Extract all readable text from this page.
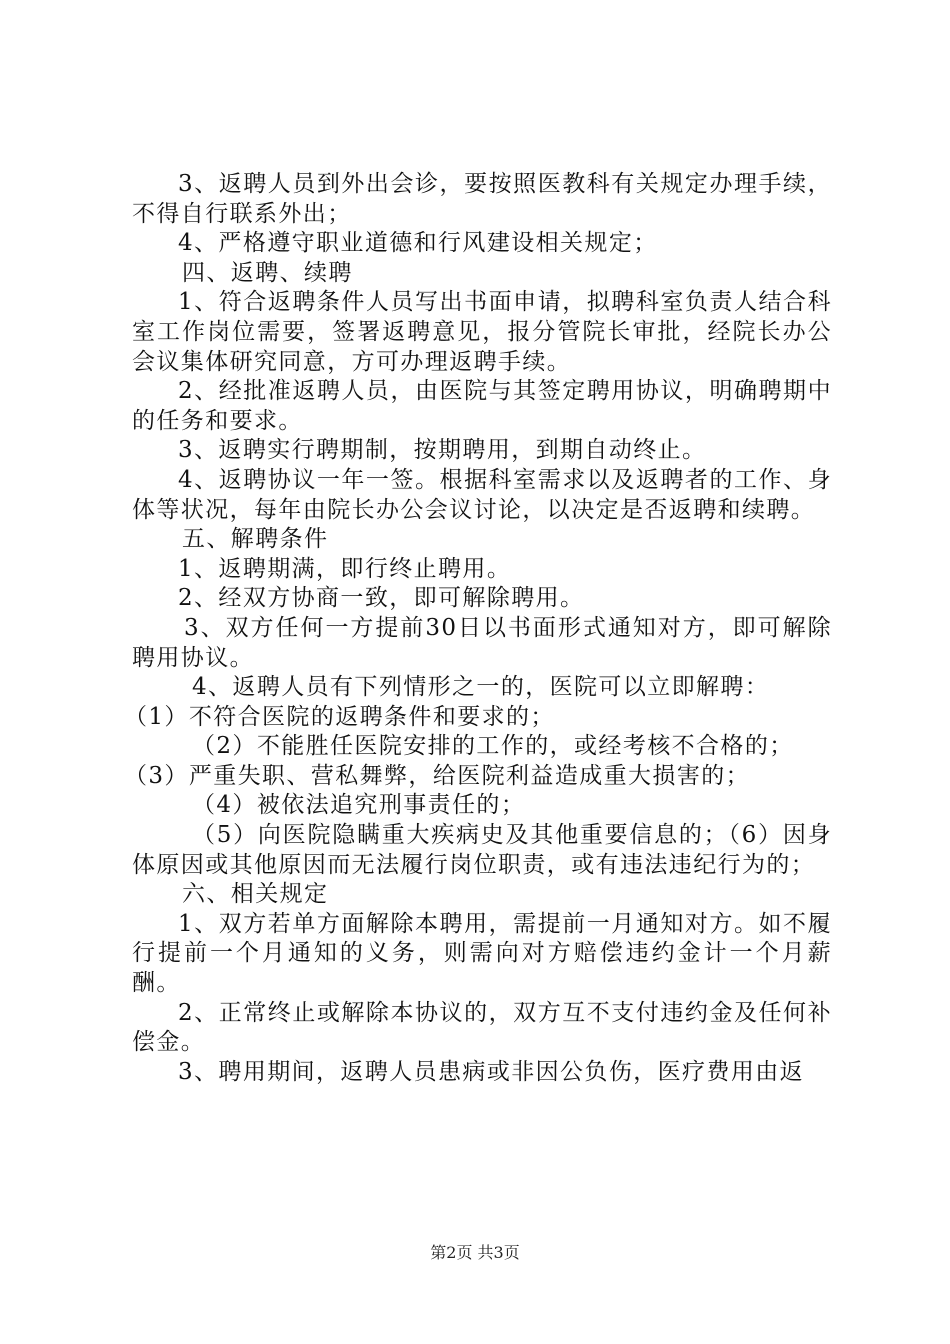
3、返聘人员到外出会诊，要按照医教科有关规定办理手续，不得自行联系外出；

4、严格遵守职业道德和行风建设相关规定；

四、返聘、续聘

1、符合返聘条件人员写出书面申请，拟聘科室负责人结合科室工作岗位需要，签署返聘意见，报分管院长审批，经院长办公会议集体研究同意，方可办理返聘手续。

2、经批准返聘人员，由医院与其签定聘用协议，明确聘期中的任务和要求。

3、返聘实行聘期制，按期聘用，到期自动终止。

4、返聘协议一年一签。根据科室需求以及返聘者的工作、身体等状况，每年由院长办公会议讨论，以决定是否返聘和续聘。

五、解聘条件

1、返聘期满，即行终止聘用。

2、经双方协商一致，即可解除聘用。

3、双方任何一方提前30日以书面形式通知对方，即可解除聘用协议。

4、返聘人员有下列情形之一的，医院可以立即解聘：

（1）不符合医院的返聘条件和要求的；

（2）不能胜任医院安排的工作的，或经考核不合格的；

（3）严重失职、营私舞弊，给医院利益造成重大损害的；

（4）被依法追究刑事责任的；

（5）向医院隐瞒重大疾病史及其他重要信息的；（6）因身体原因或其他原因而无法履行岗位职责，或有违法违纪行为的；

六、相关规定

1、双方若单方面解除本聘用，需提前一月通知对方。如不履行提前一个月通知的义务，则需向对方赔偿违约金计一个月薪酬。

2、正常终止或解除本协议的，双方互不支付违约金及任何补偿金。

3、聘用期间，返聘人员患病或非因公负伤，医疗费用由返

第2页 共3页
